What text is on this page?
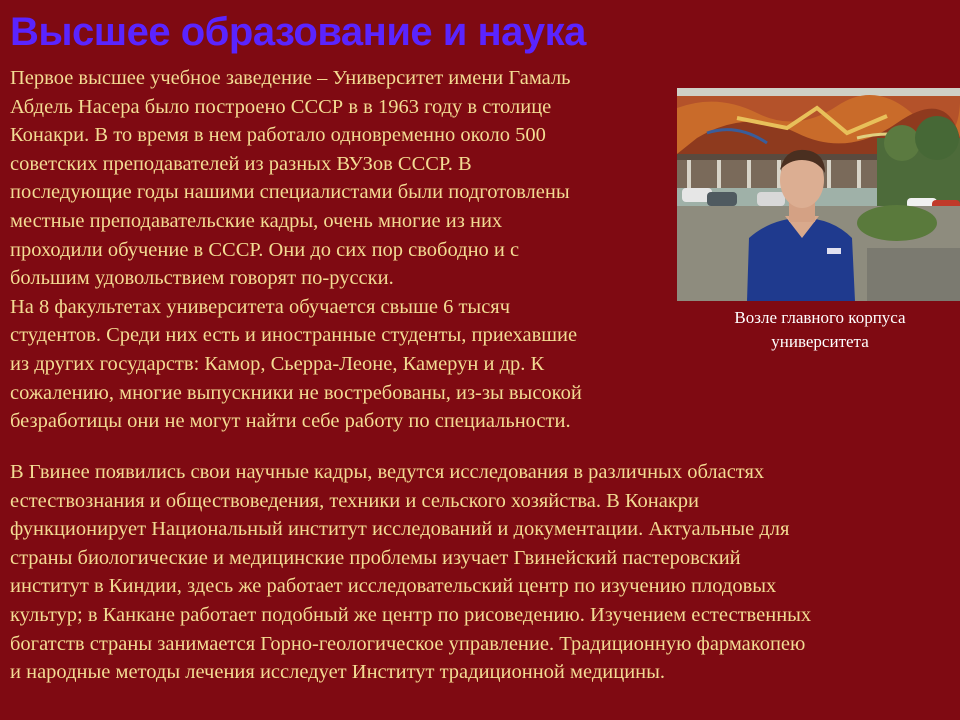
Высшее образование и наука
Первое высшее учебное заведение – Университет имени Гамаль
Абдель Насера было построено СССР в в 1963 году в столице
Конакри. В то время в нем работало одновременно около 500
советских преподавателей из разных ВУЗов СССР. В
последующие годы нашими специалистами были подготовлены
местные преподавательские кадры, очень многие из них
проходили обучение в СССР. Они до сих пор свободно и с
большим удовольствием говорят по-русски.
На 8 факультетах университета обучается свыше 6 тысяч
студентов. Среди них есть и иностранные студенты, приехавшие
из других государств: Камор, Сьерра-Леоне, Камерун и др. К
сожалению, многие выпускники не востребованы, из-зы высокой
безработицы они не могут найти себе работу по специальности.
Возле главного корпуса
университета
В Гвинее появились свои научные кадры, ведутся исследования в различных областях
естествознания и обществоведения, техники и сельского хозяйства. В Конакри
функционирует Национальный институт исследований и документации. Актуальные для
страны биологические и медицинские проблемы изучает Гвинейский пастеровский
институт в Киндии, здесь же работает исследовательский центр по изучению плодовых
культур; в Канкане работает подобный же центр по рисоведению. Изучением естественных
богатств страны занимается Горно-геологическое управление. Традиционную фармакопею
и народные методы лечения исследует Институт традиционной медицины.
